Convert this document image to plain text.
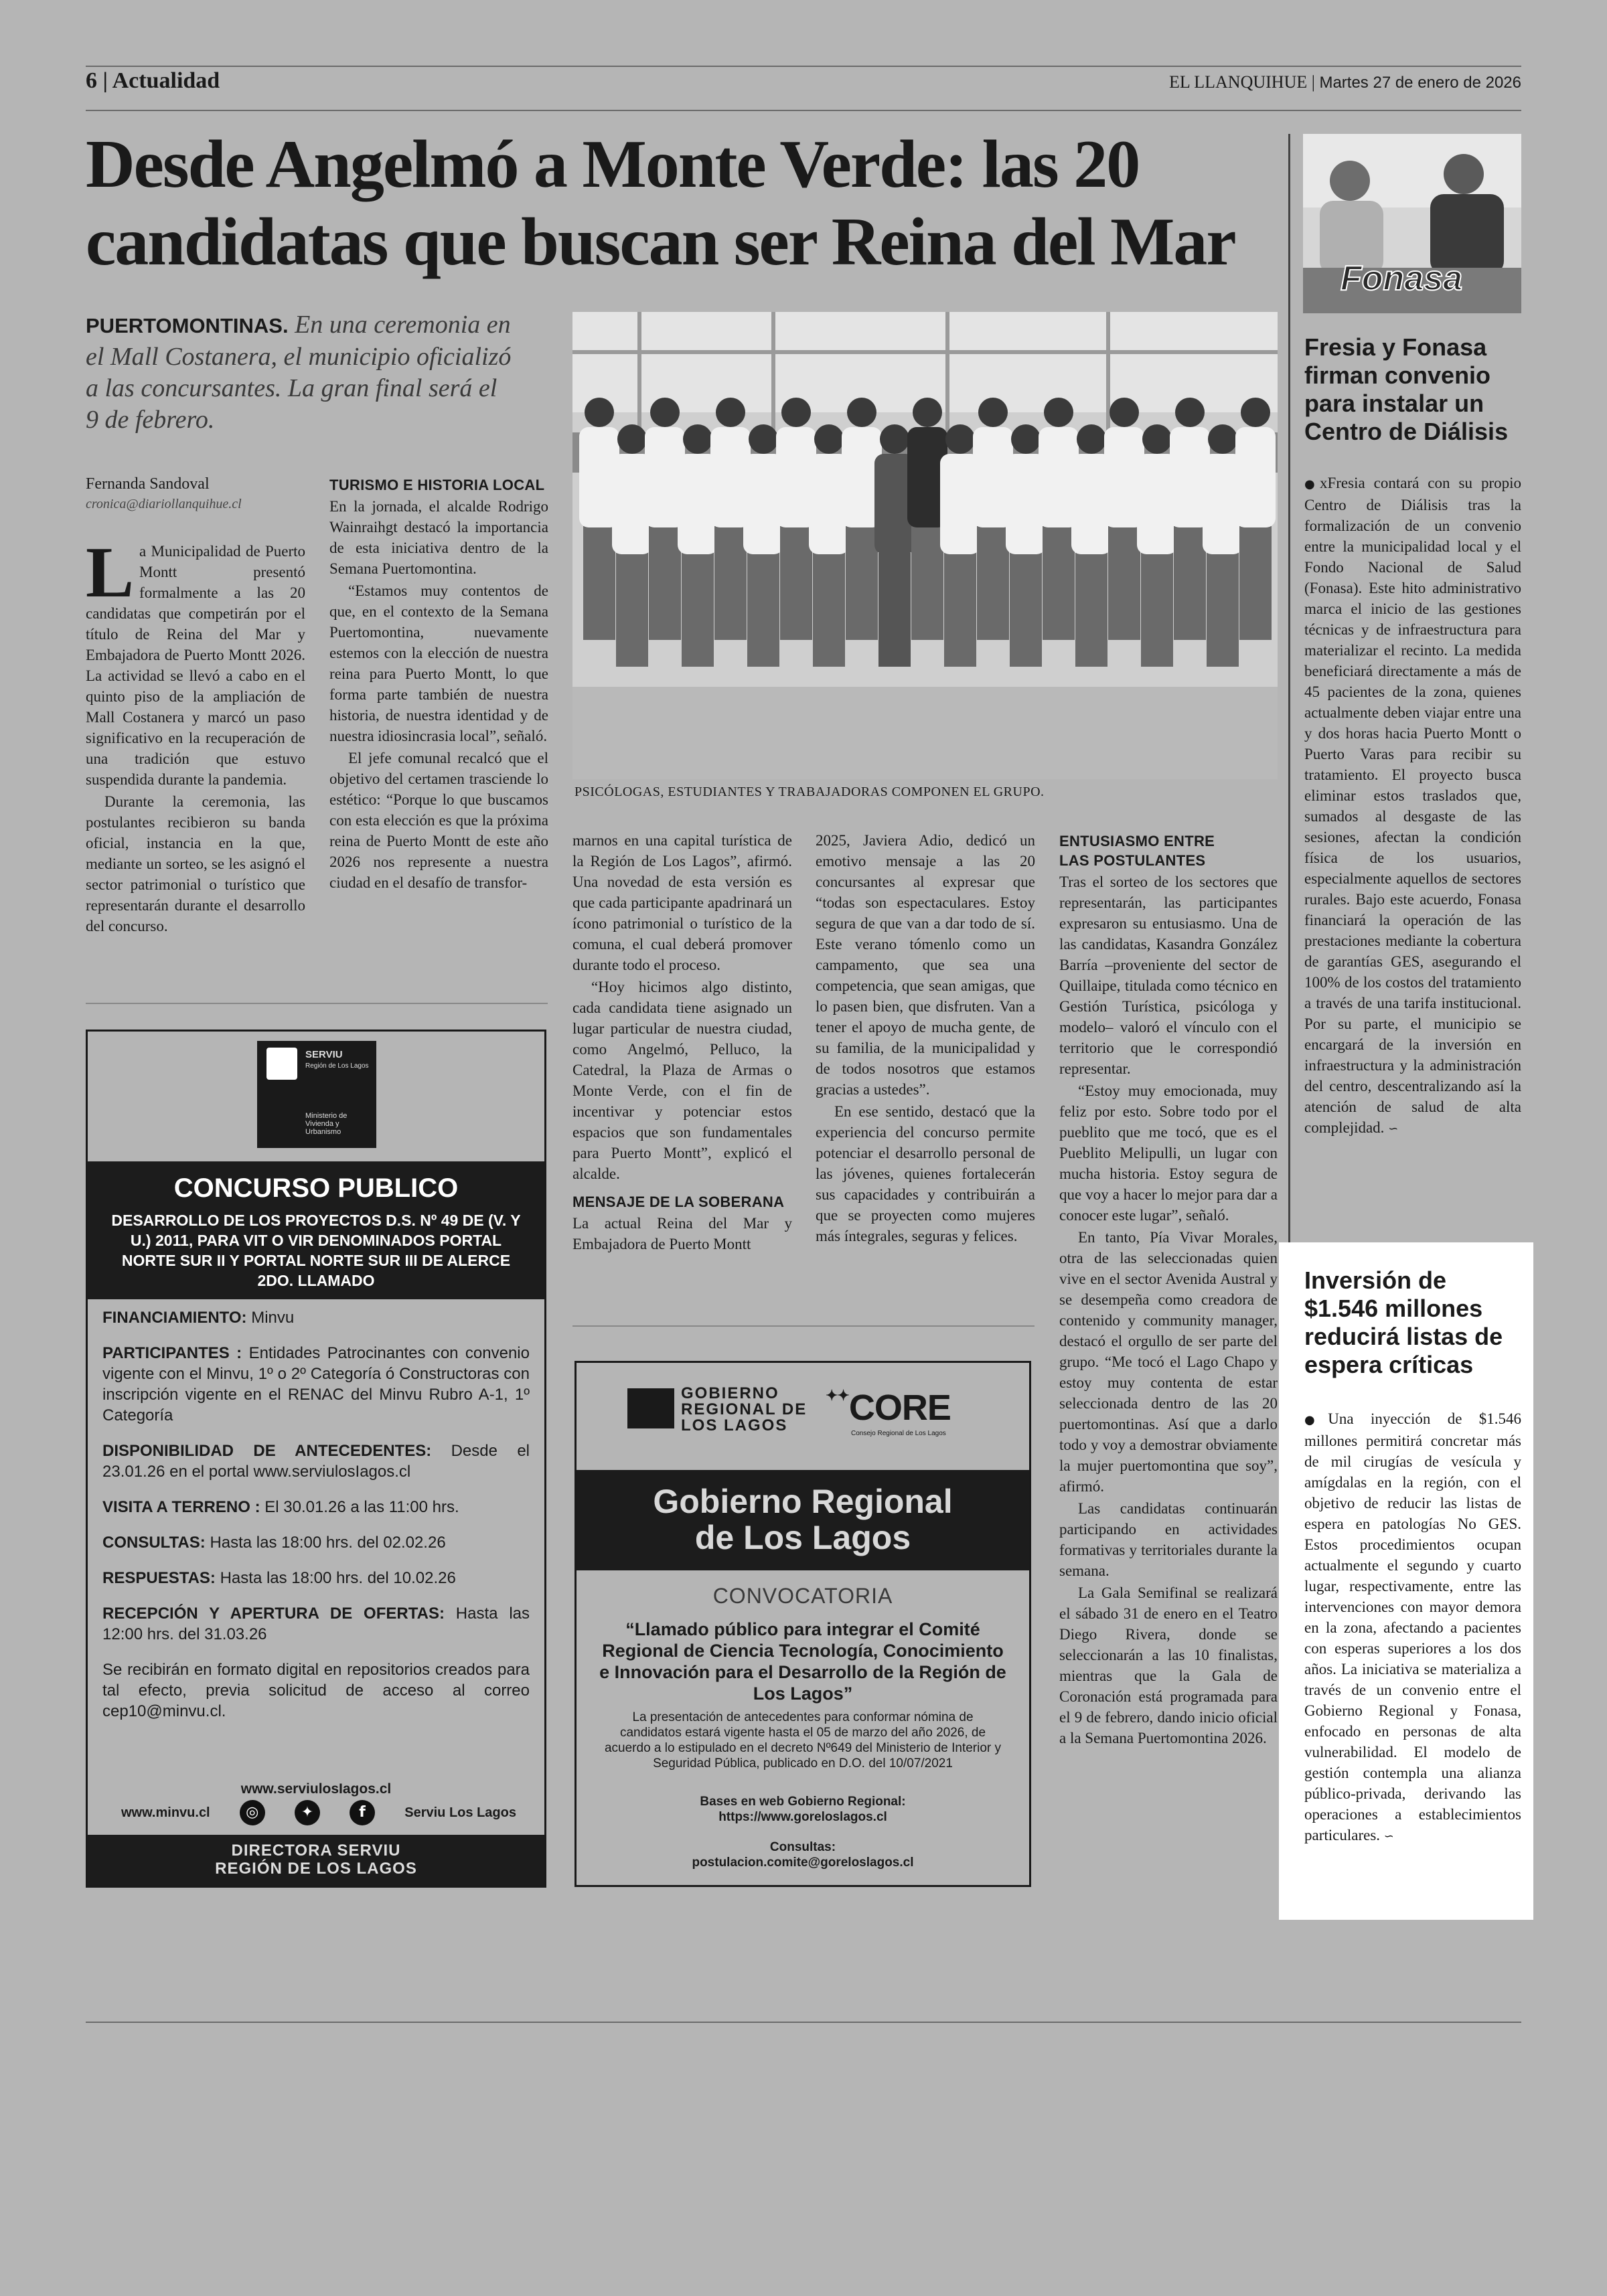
6 | Actualidad	EL LLANQUIHUE | Martes 27 de enero de 2026
Desde Angelmó a Monte Verde: las 20
candidatas que buscan ser Reina del Mar
PUERTOMONTINAS. En una ceremonia en el Mall Costanera, el municipio oficializó a las concursantes. La gran final será el 9 de febrero.
PSICÓLOGAS, ESTUDIANTES Y TRABAJADORAS COMPONEN EL GRUPO.
Fernanda Sandoval
cronica@diariollanquihue.cl

La Municipalidad de Puerto Montt presentó formalmente a las 20 candidatas que competirán por el título de Reina del Mar y Embajadora de Puerto Montt 2026. La actividad se llevó a cabo en el quinto piso de la ampliación de Mall Costanera y marcó un paso significativo en la recuperación de una tradición que estuvo suspendida durante la pandemia.

Durante la ceremonia, las postulantes recibieron su banda oficial, instancia en la que, mediante un sorteo, se les asignó el sector patrimonial o turístico que representarán durante el desarrollo del concurso.

TURISMO E HISTORIA LOCAL

En la jornada, el alcalde Rodrigo Wainraihgt destacó la importancia de esta iniciativa dentro de la Semana Puertomontina.

“Estamos muy contentos de que, en el contexto de la Semana Puertomontina, nuevamente estemos con la elección de nuestra reina para Puerto Montt, lo que forma parte también de nuestra historia, de nuestra identidad y de nuestra idiosincrasia local”, señaló.

El jefe comunal recalcó que el objetivo del certamen trasciende lo estético: “Porque lo que buscamos con esta elección es que la próxima reina de Puerto Montt de este año 2026 nos represente a nuestra ciudad en el desafío de transfor-

marnos en una capital turística de la Región de Los Lagos”, afirmó. Una novedad de esta versión es que cada participante apadrinará un ícono patrimonial o turístico de la comuna, el cual deberá promover durante todo el proceso.

“Hoy hicimos algo distinto, cada candidata tiene asignado un lugar particular de nuestra ciudad, como Angelmó, Pelluco, la Catedral, la Plaza de Armas o Monte Verde, con el fin de incentivar y potenciar estos espacios que son fundamentales para Puerto Montt”, explicó el alcalde.

MENSAJE DE LA SOBERANA

La actual Reina del Mar y Embajadora de Puerto Montt

2025, Javiera Adio, dedicó un emotivo mensaje a las 20 concursantes al expresar que “todas son espectaculares. Estoy segura de que van a dar todo de sí. Este verano tómenlo como un campamento, que sea una competencia, que sean amigas, que lo pasen bien, que disfruten. Van a tener el apoyo de mucha gente, de su familia, de la municipalidad y de todos nosotros que estamos gracias a ustedes”.

En ese sentido, destacó que la experiencia del concurso permite potenciar el desarrollo personal de las jóvenes, quienes fortalecerán sus capacidades y contribuirán a que se proyecten como mujeres más íntegrales, seguras y felices.

ENTUSIASMO ENTRE
LAS POSTULANTES

Tras el sorteo de los sectores que representarán, las participantes expresaron su entusiasmo. Una de las candidatas, Kasandra González Barría –proveniente del sector de Quillaipe, titulada como técnico en Gestión Turística, psicóloga y modelo– valoró el vínculo con el territorio que le correspondió representar.

“Estoy muy emocionada, muy feliz por esto. Sobre todo por el pueblito que me tocó, que es el Pueblito Melipulli, un lugar con mucha historia. Estoy segura de que voy a hacer lo mejor para dar a conocer este lugar”, señaló.

En tanto, Pía Vivar Morales, otra de las seleccionadas quien vive en el sector Avenida Austral y se desempeña como creadora de contenido y community manager, destacó el orgullo de ser parte del grupo. “Me tocó el Lago Chapo y estoy muy contenta de estar seleccionada dentro de las 20 puertomontinas. Así que a darlo todo y voy a demostrar obviamente la mujer puertomontina que soy”, afirmó.

Las candidatas continuarán participando en actividades formativas y territoriales durante la semana.

La Gala Semifinal se realizará el sábado 31 de enero en el Teatro Diego Rivera, donde se seleccionarán a las 10 finalistas, mientras que la Gala de Coronación está programada para el 9 de febrero, dando inicio oficial a la Semana Puertomontina 2026.

SERVIU
Región de Los Lagos
Ministerio de Vivienda y Urbanismo
CONCURSO PUBLICO
DESARROLLO DE LOS PROYECTOS D.S. Nº 49 DE (V. Y U.) 2011, PARA VIT O VIR DENOMINADOS PORTAL NORTE SUR II Y PORTAL NORTE SUR III DE ALERCE 2DO. LLAMADO
FINANCIAMIENTO: Minvu
PARTICIPANTES : Entidades Patrocinantes con convenio vigente con el Minvu, 1º o 2º Categoría ó Constructoras con inscripción vigente en el RENAC del Minvu Rubro A-1, 1º Categoría
DISPONIBILIDAD DE ANTECEDENTES: Desde el 23.01.26 en el portal www.serviulosIagos.cl
VISITA A TERRENO : El 30.01.26 a las 11:00 hrs.
CONSULTAS: Hasta las 18:00 hrs. del 02.02.26
RESPUESTAS: Hasta las 18:00 hrs. del 10.02.26
RECEPCIÓN Y APERTURA DE OFERTAS: Hasta las 12:00 hrs. del 31.03.26
Se recibirán en formato digital en repositorios creados para tal efecto, previa solicitud de acceso al correo cep10@minvu.cl.
www.serviulosIagos.cl
www.minvu.cl	◎	✦	f	Serviu Los Lagos
DIRECTORA SERVIU
REGIÓN DE LOS LAGOS
GOBIERNO
REGIONAL DE
LOS LAGOS
✦✦CORE
Consejo Regional de Los Lagos
Gobierno Regional
de Los Lagos
CONVOCATORIA
“Llamado público para integrar el Comité Regional de Ciencia Tecnología, Conocimiento e Innovación para el Desarrollo de la Región de Los Lagos”
La presentación de antecedentes para conformar nómina de candidatos estará vigente hasta el 05 de marzo del año 2026, de acuerdo a lo estipulado en el decreto Nº649 del Ministerio de Interior y Seguridad Pública, publicado en D.O. del 10/07/2021
Bases en web Gobierno Regional:
https://www.goreloslagos.cl
Consultas:
postulacion.comite@goreloslagos.cl
Fonasa
Fresia y Fonasa firman convenio para instalar un Centro de Diálisis
●xFresia contará con su propio Centro de Diálisis tras la formalización de un convenio entre la municipalidad local y el Fondo Nacional de Salud (Fonasa). Este hito administrativo marca el inicio de las gestiones técnicas y de infraestructura para materializar el recinto. La medida beneficiará directamente a más de 45 pacientes de la zona, quienes actualmente deben viajar entre una y dos horas hacia Puerto Montt o Puerto Varas para recibir su tratamiento. El proyecto busca eliminar estos traslados que, sumados al desgaste de las sesiones, afectan la condición física de los usuarios, especialmente aquellos de sectores rurales. Bajo este acuerdo, Fonasa financiará la operación de las prestaciones mediante la cobertura de garantías GES, asegurando el 100% de los costos del tratamiento a través de una tarifa institucional. Por su parte, el municipio se encargará de la inversión en infraestructura y la administración del centro, descentralizando así la atención de salud de alta complejidad. ∽
Inversión de $1.546 millones reducirá listas de espera críticas
●Una inyección de $1.546 millones permitirá concretar más de mil cirugías de vesícula y amígdalas en la región, con el objetivo de reducir las listas de espera en patologías No GES. Estos procedimientos ocupan actualmente el segundo y cuarto lugar, respectivamente, entre las intervenciones con mayor demora en la zona, afectando a pacientes con esperas superiores a los dos años. La iniciativa se materializa a través de un convenio entre el Gobierno Regional y Fonasa, enfocado en personas de alta vulnerabilidad. El modelo de gestión contempla una alianza público-privada, derivando las operaciones a establecimientos particulares. ∽
